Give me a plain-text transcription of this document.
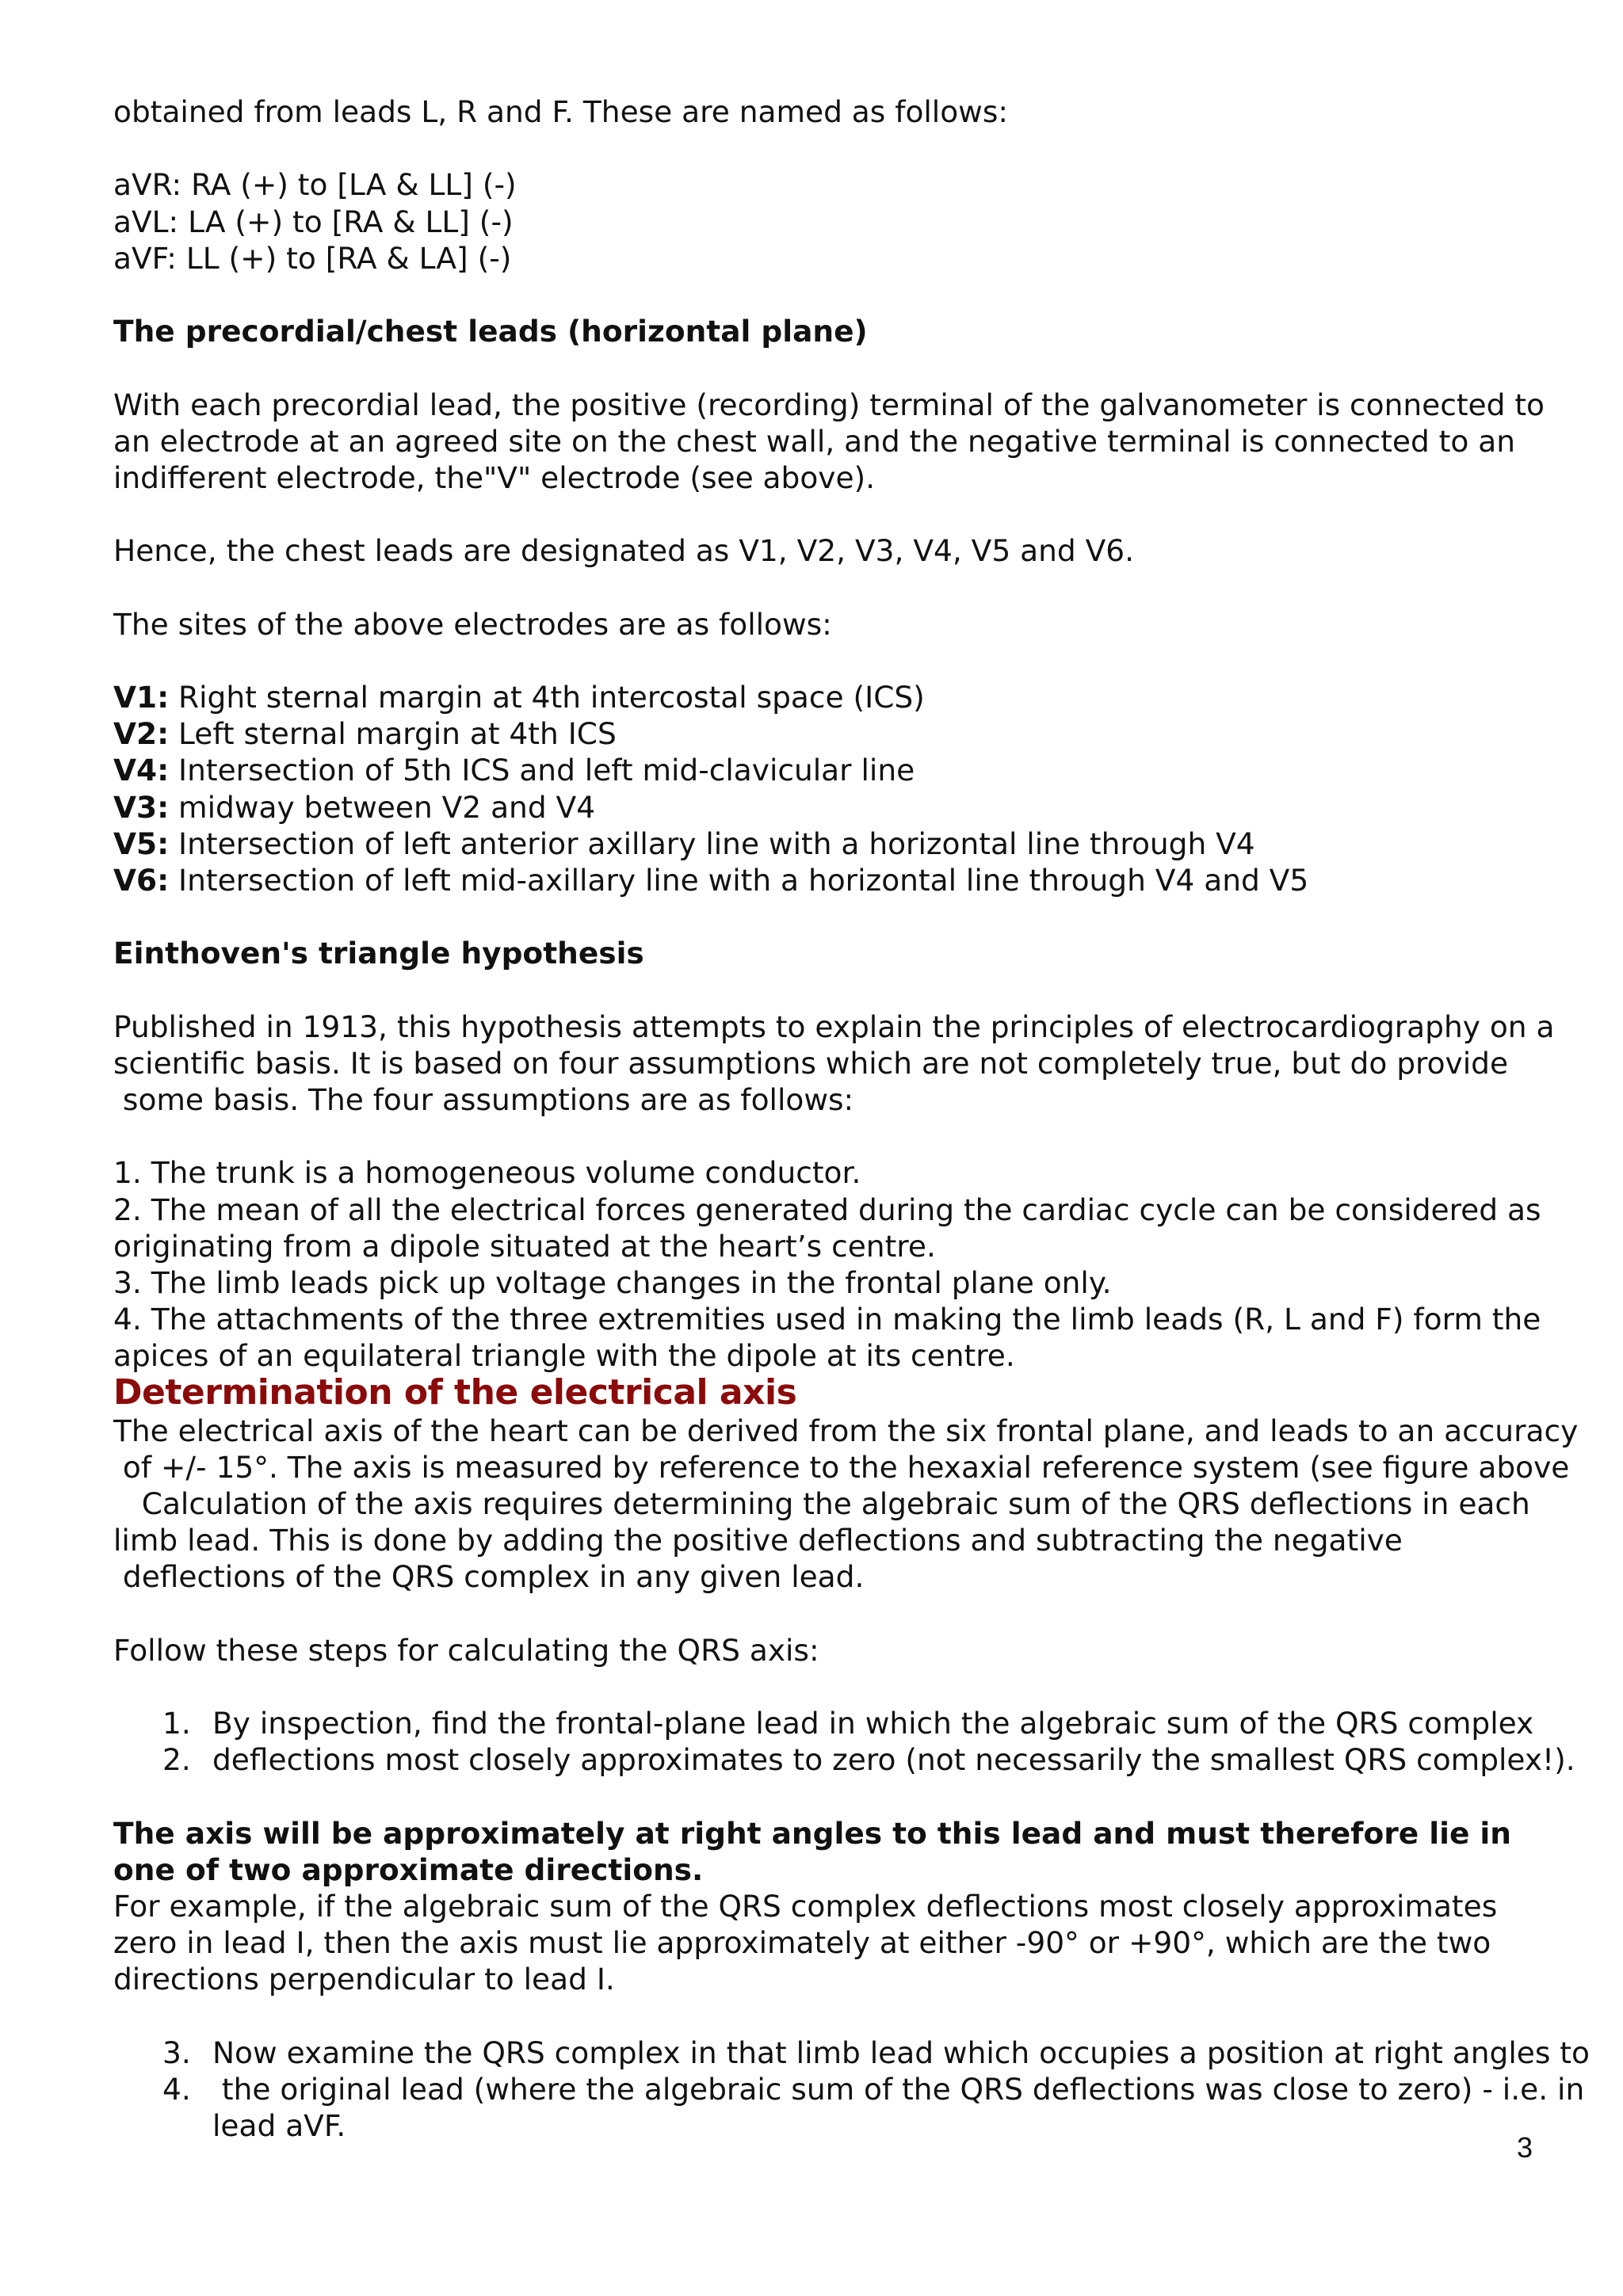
obtained from leads L, R and F. These are named as follows:
aVR: RA (+) to [LA & LL] (-)
aVL: LA (+) to [RA & LL] (-)
aVF: LL (+) to [RA & LA] (-)
The precordial/chest leads (horizontal plane)
With each precordial lead, the positive (recording) terminal of the galvanometer is connected to
an electrode at an agreed site on the chest wall, and the negative terminal is connected to an
indifferent electrode, the"V" electrode (see above).
Hence, the chest leads are designated as V1, V2, V3, V4, V5 and V6.
The sites of the above electrodes are as follows:
V1: Right sternal margin at 4th intercostal space (ICS)
V2: Left sternal margin at 4th ICS
V4: Intersection of 5th ICS and left mid-clavicular line
V3: midway between V2 and V4
V5: Intersection of left anterior axillary line with a horizontal line through V4
V6: Intersection of left mid-axillary line with a horizontal line through V4 and V5
Einthoven's triangle hypothesis
Published in 1913, this hypothesis attempts to explain the principles of electrocardiography on a
scientific basis. It is based on four assumptions which are not completely true, but do provide
some basis. The four assumptions are as follows:
1. The trunk is a homogeneous volume conductor.
2. The mean of all the electrical forces generated during the cardiac cycle can be considered as
originating from a dipole situated at the heart’s centre.
3. The limb leads pick up voltage changes in the frontal plane only.
4. The attachments of the three extremities used in making the limb leads (R, L and F) form the
apices of an equilateral triangle with the dipole at its centre.
Determination of the electrical axis
The electrical axis of the heart can be derived from the six frontal plane, and leads to an accuracy
of +/- 15°. The axis is measured by reference to the hexaxial reference system (see figure above
Calculation of the axis requires determining the algebraic sum of the QRS deflections in each
limb lead. This is done by adding the positive deflections and subtracting the negative
deflections of the QRS complex in any given lead.
Follow these steps for calculating the QRS axis:
1. By inspection, find the frontal-plane lead in which the algebraic sum of the QRS complex
2. deflections most closely approximates to zero (not necessarily the smallest QRS complex!).
The axis will be approximately at right angles to this lead and must therefore lie in
one of two approximate directions.
For example, if the algebraic sum of the QRS complex deflections most closely approximates
zero in lead I, then the axis must lie approximately at either -90° or +90°, which are the two
directions perpendicular to lead I.
3. Now examine the QRS complex in that limb lead which occupies a position at right angles to
4. the original lead (where the algebraic sum of the QRS deflections was close to zero) - i.e. in
lead aVF.
3
